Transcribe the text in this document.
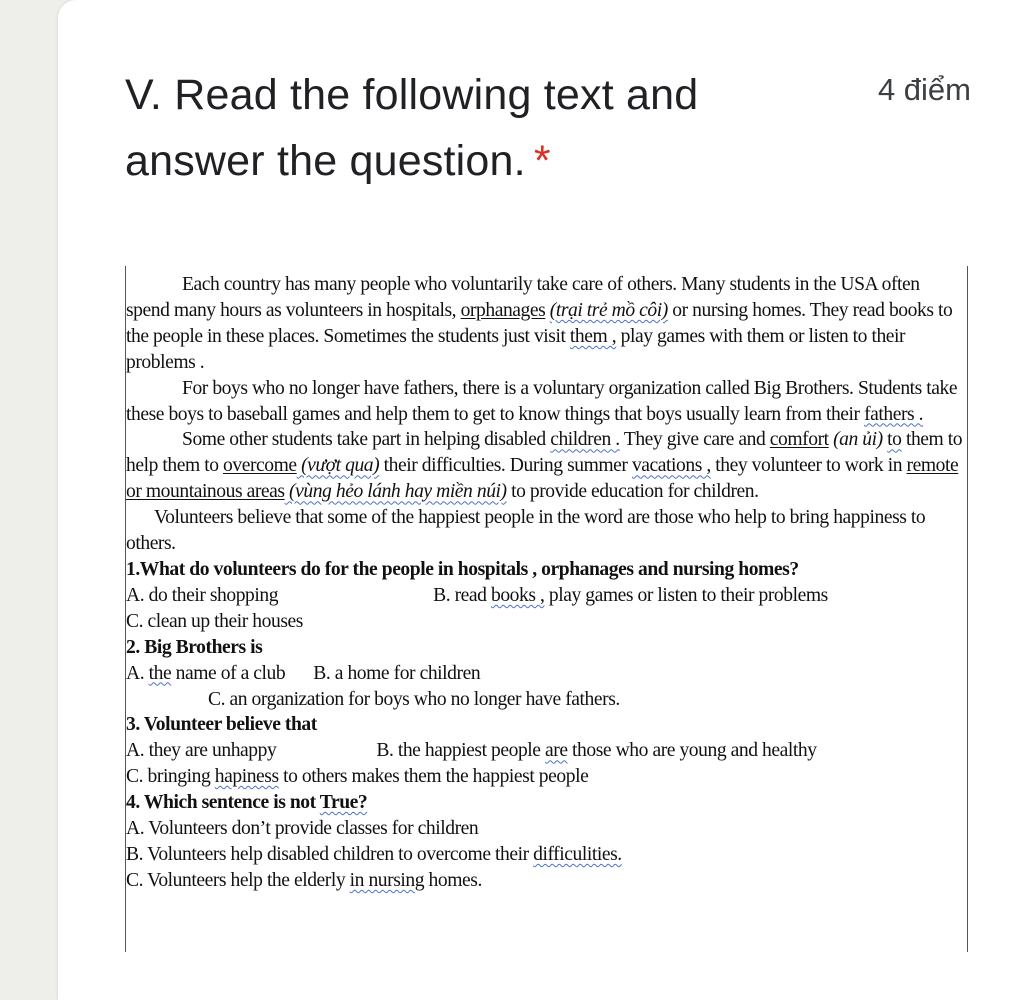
V. Read the following text and
answer the question. *
4 điểm

Each country has many people who voluntarily take care of others. Many students in the USA often spend many hours as volunteers in hospitals, orphanages (trại trẻ mồ côi) or nursing homes. They read books to the people in these places. Sometimes the students just visit them , play games with them or listen to their problems .

For boys who no longer have fathers, there is a voluntary organization called Big Brothers. Students take these boys to baseball games and help them to get to know things that boys usually learn from their fathers .

Some other students take part in helping disabled children . They give care and comfort (an ủi) to them to help them to overcome (vượt qua) their difficulties. During summer vacations , they volunteer to work in remote or mountainous areas (vùng hẻo lánh hay miền núi) to provide education for children.

Volunteers believe that some of the happiest people in the word are those who help to bring happiness to others.

1.What do volunteers do for the people in hospitals , orphanages and nursing homes?
A. do their shopping	B. read books , play games or listen to their problems
C. clean up their houses
2. Big Brothers is

A. the name of a club B. a home for childrenC. an organization for boys who no longer have fathers.

3. Volunteer believe that
A. they are unhappy	B. the happiest people are those who are young and healthy
C. bringing hapiness to others makes them the happiest people
4. Which sentence is not True?
A. Volunteers don’t provide classes for children
B. Volunteers help disabled children to overcome their difficulities.
C. Volunteers help the elderly in nursing homes.
